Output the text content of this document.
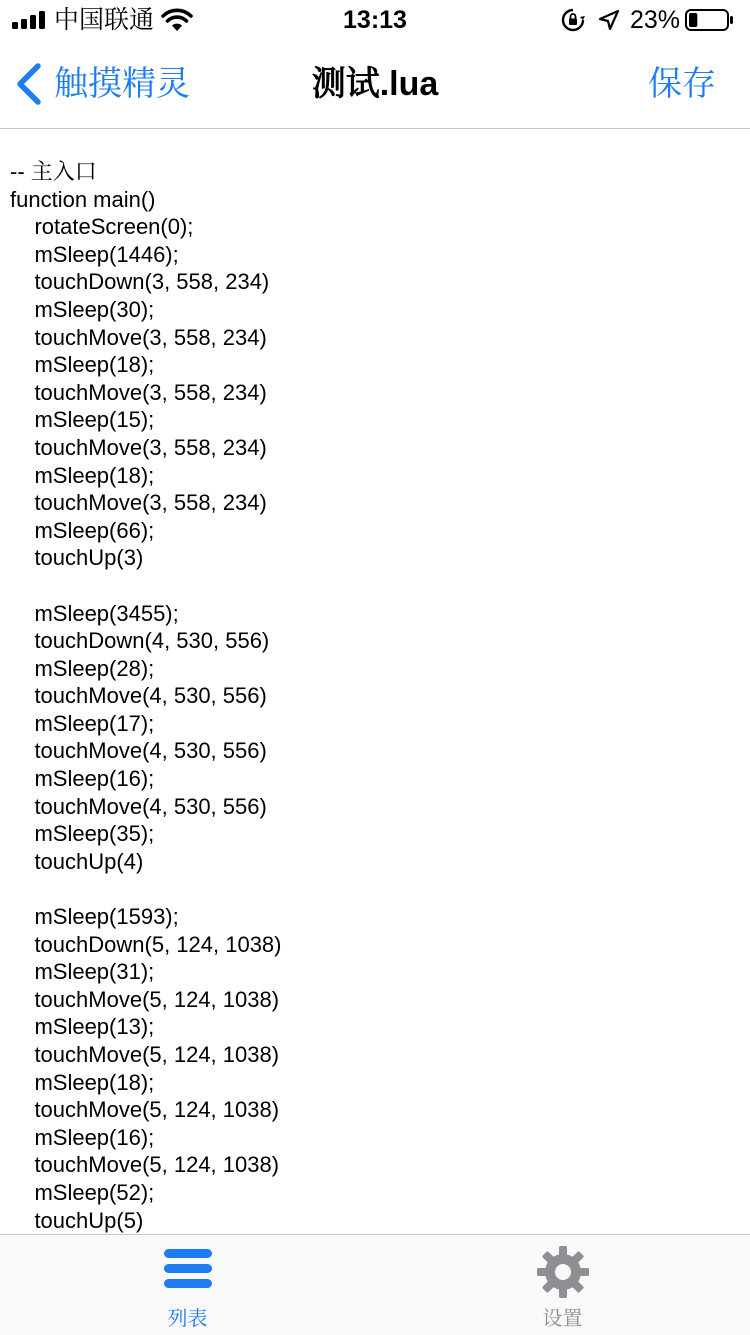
中国联通	13:13	23%
触摸精灵	测试.lua	保存
-- 主入口
function main()
rotateScreen(0);
mSleep(1446);
touchDown(3, 558, 234)
mSleep(30);
touchMove(3, 558, 234)
mSleep(18);
touchMove(3, 558, 234)
mSleep(15);
touchMove(3, 558, 234)
mSleep(18);
touchMove(3, 558, 234)
mSleep(66);
touchUp(3)
mSleep(3455);
touchDown(4, 530, 556)
mSleep(28);
touchMove(4, 530, 556)
mSleep(17);
touchMove(4, 530, 556)
mSleep(16);
touchMove(4, 530, 556)
mSleep(35);
touchUp(4)
mSleep(1593);
touchDown(5, 124, 1038)
mSleep(31);
touchMove(5, 124, 1038)
mSleep(13);
touchMove(5, 124, 1038)
mSleep(18);
touchMove(5, 124, 1038)
mSleep(16);
touchMove(5, 124, 1038)
mSleep(52);
touchUp(5)
列表	设置
